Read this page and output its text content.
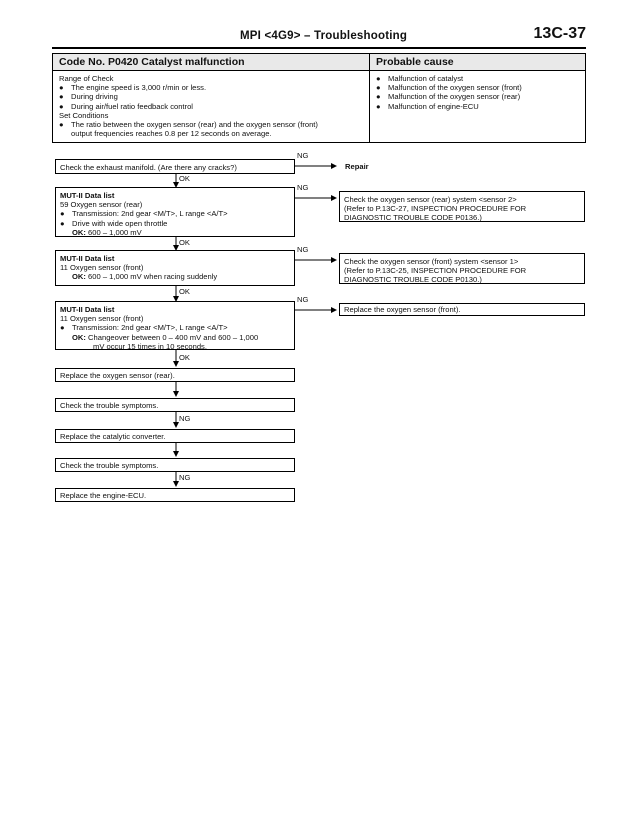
MPI <4G9> – Troubleshooting	13C-37
Code No. P0420 Catalyst malfunction	Probable cause
Range of Check
● The engine speed is 3,000 r/min or less.
● During driving
● During air/fuel ratio feedback control
Set Conditions
● The ratio between the oxygen sensor (rear) and the oxygen sensor (front)
output frequencies reaches 0.8 per 12 seconds on average.
● Malfunction of catalyst
● Malfunction of the oxygen sensor (front)
● Malfunction of the oxygen sensor (rear)
● Malfunction of engine-ECU
Check the exhaust manifold. (Are there any cracks?)
NG
Repair
OK
MUT-II Data list
59 Oxygen sensor (rear)
● Transmission: 2nd gear <M/T>, L range <A/T>
● Drive with wide open throttle
OK: 600 – 1,000 mV
NG
Check the oxygen sensor (rear) system <sensor 2>
(Refer to P.13C-27, INSPECTION PROCEDURE FOR
DIAGNOSTIC TROUBLE CODE P0136.)
OK
MUT-II Data list
11 Oxygen sensor (front)
OK: 600 – 1,000 mV when racing suddenly
NG
Check the oxygen sensor (front) system <sensor 1>
(Refer to P.13C-25, INSPECTION PROCEDURE FOR
DIAGNOSTIC TROUBLE CODE P0130.)
OK
MUT-II Data list
11 Oxygen sensor (front)
● Transmission: 2nd gear <M/T>, L range <A/T>
OK: Changeover between 0 – 400 mV and 600 – 1,000
mV occur 15 times in 10 seconds.
NG
Replace the oxygen sensor (front).
OK
Replace the oxygen sensor (rear).
Check the trouble symptoms.
NG
Replace the catalytic converter.
Check the trouble symptoms.
NG
Replace the engine-ECU.
